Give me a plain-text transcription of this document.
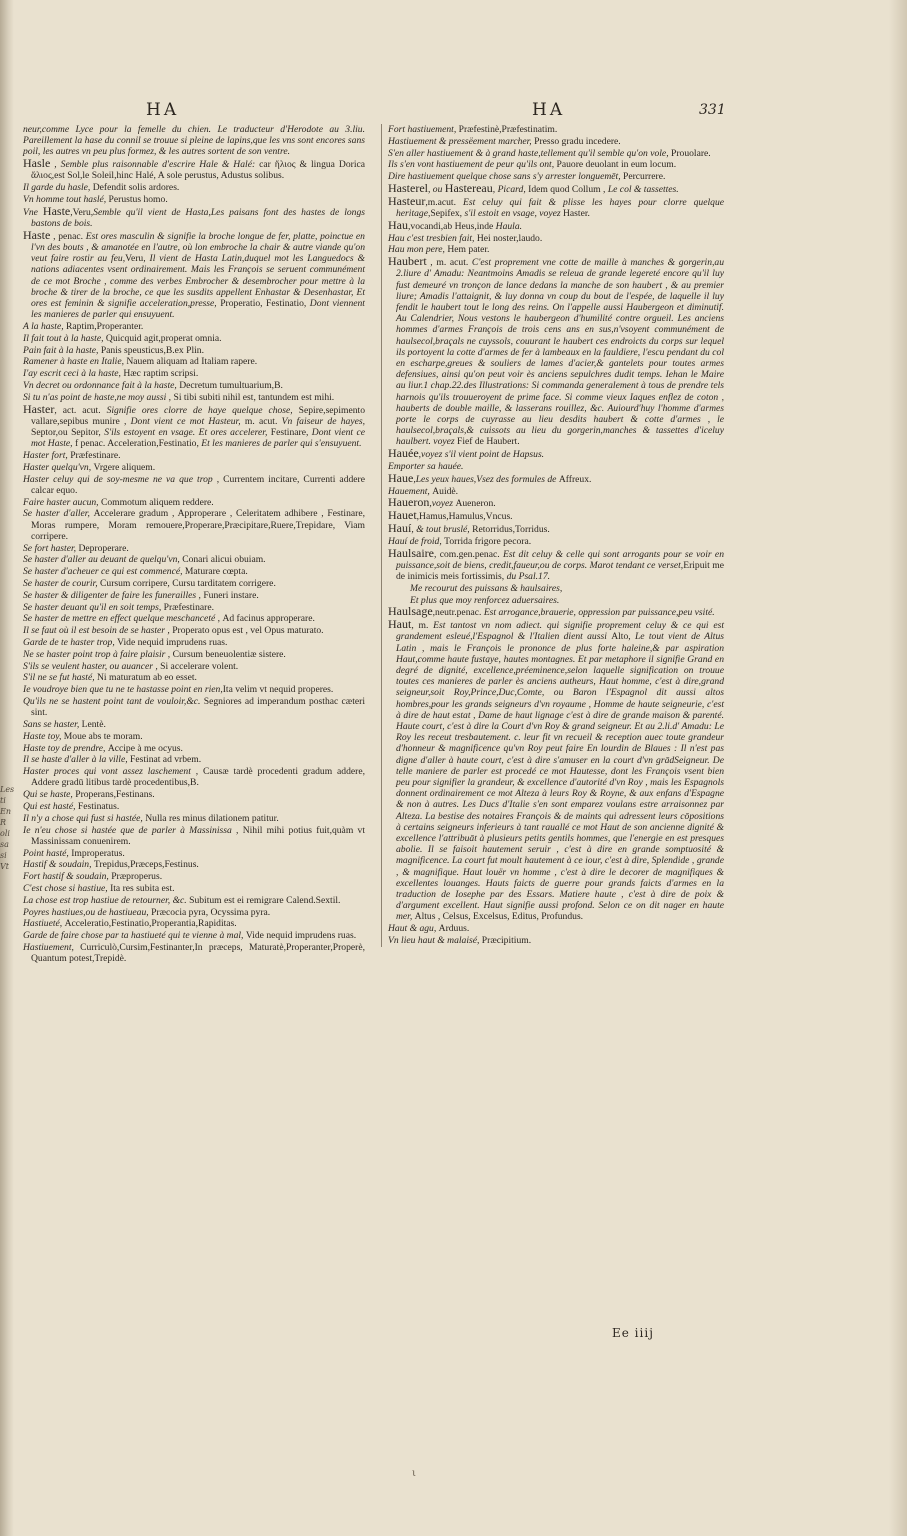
Les
ti
En
R
oli
sa
si
Vt
HA	HA	331

neur,comme Lyce pour la femelle du chien. Le traducteur d'Herodote au 3.liu. Pareillement la hase du connil se trouue si pleine de lapins,que les vns sont encores sans poil, les autres vn peu plus formez, & les autres sortent de son ventre.

Hasle , Semble plus raisonnable d'escrire Hale & Halé: car ἥλιος & lingua Dorica ἅλιος,est Sol,le Soleil,hinc Halé, A sole perustus, Adustus solibus.

Il garde du hasle, Defendit solis ardores.

Vn homme tout haslé, Perustus homo.

Vne Haste,Veru,Semble qu'il vient de Hasta,Les paisans font des hastes de longs bastons de bois.

Haste , penac. Est ores masculin & signifie la broche longue de fer, platte, poinctue en l'vn des bouts , & amanotée en l'autre, où lon embroche la chair & autre viande qu'on veut faire rostir au feu,Veru, Il vient de Hasta Latin,duquel mot les Languedocs & nations adiacentes vsent ordinairement. Mais les François se seruent communément de ce mot Broche , comme des verbes Embrocher & desembrocher pour mettre à la broche & tirer de la broche, ce que les susdits appellent Enhastar & Desenhastar, Et ores est feminin & signifie acceleration,presse, Properatio, Festinatio, Dont viennent les manieres de parler qui ensuyuent.

A la haste, Raptim,Properanter.

Il fait tout à la haste, Quicquid agit,properat omnia.

Pain fait à la haste, Panis speusticus,B.ex Plin.

Ramener à haste en Italie, Nauem aliquam ad Italiam rapere.

I'ay escrit ceci à la haste, Hæc raptim scripsi.

Vn decret ou ordonnance fait à la haste, Decretum tumultuarium,B.

Si tu n'as point de haste,ne moy aussi , Si tibi subiti nihil est, tantundem est mihi.

Haster, act. acut. Signifie ores clorre de haye quelque chose, Sepire,sepimento vallare,sepibus munire , Dont vient ce mot Hasteur, m. acut. Vn faiseur de hayes, Septor,ou Sepitor, S'ils estoyent en vsage. Et ores accelerer, Festinare, Dont vient ce mot Haste, f penac. Acceleration,Festinatio, Et les manieres de parler qui s'ensuyuent.

Haster fort, Præfestinare.

Haster quelqu'vn, Vrgere aliquem.

Haster celuy qui de soy-mesme ne va que trop , Currentem incitare, Currenti addere calcar equo.

Faire haster aucun, Commotum aliquem reddere.

Se haster d'aller, Accelerare gradum , Approperare , Celeritatem adhibere , Festinare, Moras rumpere, Moram remouere,Properare,Præcipitare,Ruere,Trepidare, Viam corripere.

Se fort haster, Deproperare.

Se haster d'aller au deuant de quelqu'vn, Conari alicui obuiam.

Se haster d'acheuer ce qui est commencé, Maturare cœpta.

Se haster de courir, Cursum corripere, Cursu tarditatem corrigere.

Se haster & diligenter de faire les funerailles , Funeri instare.

Se haster deuant qu'il en soit temps, Præfestinare.

Se haster de mettre en effect quelque meschanceté , Ad facinus approperare.

Il se faut où il est besoin de se haster , Properato opus est , vel Opus maturato.

Garde de te haster trop, Vide nequid imprudens ruas.

Ne se haster point trop à faire plaisir , Cursum beneuolentiæ sistere.

S'ils se veulent haster, ou auancer , Si accelerare volent.

S'il ne se fut hasté, Ni maturatum ab eo esset.

Ie voudroye bien que tu ne te hastasse point en rien,Ita velim vt nequid properes.

Qu'ils ne se hastent point tant de vouloir,&c. Segniores ad imperandum posthac cæteri sint.

Sans se haster, Lentè.

Haste toy, Moue abs te moram.

Haste toy de prendre, Accipe à me ocyus.

Il se haste d'aller à la ville, Festinat ad vrbem.

Haster proces qui vont assez laschement , Causæ tardè procedenti gradum addere, Addere gradū litibus tardè procedentibus,B.

Qui se haste, Properans,Festinans.

Qui est hasté, Festinatus.

Il n'y a chose qui fust si hastée, Nulla res minus dilationem patitur.

Ie n'eu chose si hastée que de parler à Massinissa , Nihil mihi potius fuit,quàm vt Massinissam conuenirem.

Point hasté, Improperatus.

Hastif & soudain, Trepidus,Præceps,Festinus.

Fort hastif & soudain, Præproperus.

C'est chose si hastiue, Ita res subita est.

La chose est trop hastiue de retourner, &c. Subitum est ei remigrare Calend.Sextil.

Poyres hastiues,ou de hastiueau, Præcocia pyra, Ocyssima pyra.

Hastiueté, Acceleratio,Festinatio,Properantia,Rapiditas.

Garde de faire chose par ta hastiueté qui te vienne à mal, Vide nequid imprudens ruas.

Hastiuement, Curriculò,Cursim,Festinanter,In præceps, Maturatè,Properanter,Properè, Quantum potest,Trepidè.

Fort hastiuement, Præfestinè,Præfestinatim.

Hastiuement & pressëement marcher, Presso gradu incedere.

S'en aller hastiuement & à grand haste,tellement qu'il semble qu'on vole, Prouolare.

Ils s'en vont hastiuement de peur qu'ils ont, Pauore deuolant in eum locum.

Dire hastiuement quelque chose sans s'y arrester longuemēt, Percurrere.

Hasterel, ou Hastereau, Picard, Idem quod Collum , Le col & tassettes.

Hasteur,m.acut. Est celuy qui fait & plisse les hayes pour clorre quelque heritage,Sepifex, s'il estoit en vsage, voyez Haster.

Hau,vocandi,ab Heus,inde Haula.

Hau c'est tresbien fait, Hei noster,laudo.

Hau mon pere, Hem pater.

Haubert , m. acut. C'est proprement vne cotte de maille à manches & gorgerin,au 2.liure d' Amadu: Neantmoins Amadis se releua de grande legereté encore qu'il luy fust demeuré vn tronçon de lance dedans la manche de son haubert , & au premier liure; Amadis l'attaignit, & luy donna vn coup du bout de l'espée, de laquelle il luy fendit le haubert tout le long des reins. On l'appelle aussi Haubergeon et diminutif. Au Calendrier, Nous vestons le haubergeon d'humilité contre orgueil. Les anciens hommes d'armes François de trois cens ans en sus,n'vsoyent communément de haulsecol,braçals ne cuyssols, couurant le haubert ces endroicts du corps sur lequel ils portoyent la cotte d'armes de fer à lambeaux en la fauldiere, l'escu pendant du col en escharpe,greues & souliers de lames d'acier,& gantelets pour toutes armes defensiues, ainsi qu'on peut voir ès anciens sepulchres dudit temps. Iehan le Maire au liur.1 chap.22.des Illustrations: Si commanda generalement à tous de prendre tels harnois qu'ils trouueroyent de prime face. Si comme vieux Iaques enflez de coton , hauberts de double maille, & lasserans rouillez, &c. Auiourd'huy l'homme d'armes porte le corps de cuyrasse au lieu desdits haubert & cotte d'armes , le haulsecol,braçals,& cuissots au lieu du gorgerin,manches & tassettes d'iceluy haulbert. voyez Fief de Haubert.

Hauée,voyez s'il vient point de Hapsus.

Emporter sa hauée.

Haue,Les yeux haues,Vsez des formules de Affreux.

Hauement, Auidè.

Haueron,voyez Aueneron.

Hauet,Hamus,Hamulus,Vncus.

Hauí, & tout bruslé, Retorridus,Torridus.

Hauí de froid, Torrida frigore pecora.

Haulsaire, com.gen.penac. Est dit celuy & celle qui sont arrogants pour se voir en puissance,soit de biens, credit,faueur,ou de corps. Marot tendant ce verset,Eripuit me de inimicis meis fortissimis, du Psal.17.

Me recourut des puissans & haulsaires,

Et plus que moy renforcez aduersaires.

Haulsage,neutr.penac. Est arrogance,brauerie, oppression par puissance,peu vsité.

Haut, m. Est tantost vn nom adiect. qui signifie proprement celuy & ce qui est grandement esleué,l'Espagnol & l'Italien dient aussi Alto, Le tout vient de Altus Latin , mais le François le prononce de plus forte haleine,& par aspiration Haut,comme haute fustaye, hautes montagnes. Et par metaphore il signifie Grand en degré de dignité, excellence,préeminence,selon laquelle signification on trouue toutes ces manieres de parler ès anciens autheurs, Haut homme, c'est à dire,grand seigneur,soit Roy,Prince,Duc,Comte, ou Baron l'Espagnol dit aussi altos hombres,pour les grands seigneurs d'vn royaume , Homme de haute seigneurie, c'est à dire de haut estat , Dame de haut lignage c'est à dire de grande maison & parenté. Haute court, c'est à dire la Court d'vn Roy & grand seigneur. Et au 2.li.d' Amadu: Le Roy les receut tresbautement. c. leur fit vn recueil & reception auec toute grandeur d'honneur & magnificence qu'vn Roy peut faire En lourdin de Blaues : Il n'est pas digne d'aller à haute court, c'est à dire s'amuser en la court d'vn grādSeigneur. De telle maniere de parler est procedé ce mot Hautesse, dont les François vsent bien peu pour signifier la grandeur, & excellence d'autorité d'vn Roy , mais les Espagnols donnent ordinairement ce mot Alteza à leurs Roy & Royne, & aux enfans d'Espagne & non à autres. Les Ducs d'Italie s'en sont emparez voulans estre arraisonnez par Alteza. La bestise des notaires François & de maints qui adressent leurs cōpositions à certains seigneurs inferieurs à tant rauallé ce mot Haut de son ancienne dignité & excellence l'attribuāt à plusieurs petits gentils hommes, que l'energie en est presques abolie. Il se faisoit hautement seruir , c'est à dire en grande somptuosité & magnificence. La court fut moult hautement à ce iour, c'est à dire, Splendide , grande , & magnifique. Haut louër vn homme , c'est à dire le decorer de magnifiques & excellentes louanges. Hauts faicts de guerre pour grands faicts d'armes en la traduction de Iosephe par des Essars. Matiere haute , c'est à dire de poix & d'argument excellent. Haut signifie aussi profond. Selon ce on dit nager en haute mer, Altus , Celsus, Excelsus, Editus, Profundus.

Haut & agu, Arduus.

Vn lieu haut & malaisé, Præcipitium.

Ee iiij
ι
